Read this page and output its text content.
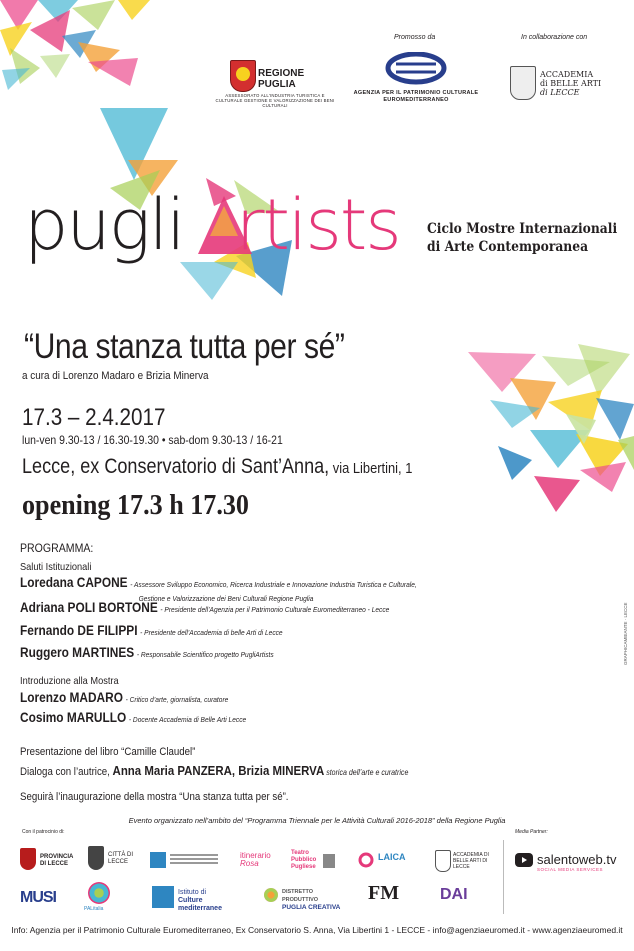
REGIONE
PUGLIA
ASSESSORATO ALL'INDUSTRIA TURISTICA E CULTURALE GESTIONE E VALORIZZAZIONE DEI BENI CULTURALI
Promosso da
AGENZIA PER IL PATRIMONIO CULTURALE
EUROMEDITERRANEO
In collaborazione con
ACCADEMIA
di BELLE ARTI
di LECCE
pugli rtists Ciclo Mostre Internazionali
di Arte Contemporanea
“Una stanza tutta per sé”
a cura di Lorenzo Madaro e Brizia Minerva
17.3 – 2.4.2017
lun-ven 9.30-13 / 16.30-19.30 • sab-dom 9.30-13 / 16-21
Lecce, ex Conservatorio di Sant’Anna, via Libertini, 1
opening 17.3 h 17.30
PROGRAMMA:
Saluti Istituzionali
Loredana CAPONE - Assessore Sviluppo Economico, Ricerca Industriale e Innovazione Industria Turistica e Culturale,
Gestione e Valorizzazione dei Beni Culturali Regione Puglia
Adriana POLI BORTONE - Presidente dell’Agenzia per il Patrimonio Culturale Euromediterraneo - Lecce
Fernando DE FILIPPI - Presidente dell’Accademia di belle Arti di Lecce
Ruggero MARTINES - Responsabile Scientifico progetto PugliArtists
Introduzione alla Mostra
Lorenzo MADARO - Critico d’arte, giornalista, curatore
Cosimo MARULLO - Docente Accademia di Belle Arti Lecce
Presentazione del libro “Camille Claudel”
Dialoga con l’autrice, Anna Maria PANZERA, Brizia MINERVA storica dell’arte e curatrice
Seguirà l’inaugurazione della mostra “Una stanza tutta per sé”.
Evento organizzato nell’ambito del “Programma Triennale per le Attività Culturali 2016-2018” della Regione Puglia
Con il patrocinio di:	Media Partner:
PROVINCIA DI LECCE
CITTÀ DI LECCE
itinerario
Rosa
Teatro Pubblico Pugliese
LAICA	ACCADEMIA DI BELLE ARTI DI LECCE	salentoweb.tv
SOCIAL MEDIA SERVICES
MUSI
PALitalia
Istituto di
Culture mediterranee
DISTRETTO PRODUTTIVO
PUGLIA CREATIVA
FM	DAI
Info: Agenzia per il Patrimonio Culturale Euromediterraneo, Ex Conservatorio S. Anna, Via Libertini 1 - LECCE - info@agenziaeuromed.it - www.agenziaeuromed.it
GRAPHICAMBIANTE · LECCE
